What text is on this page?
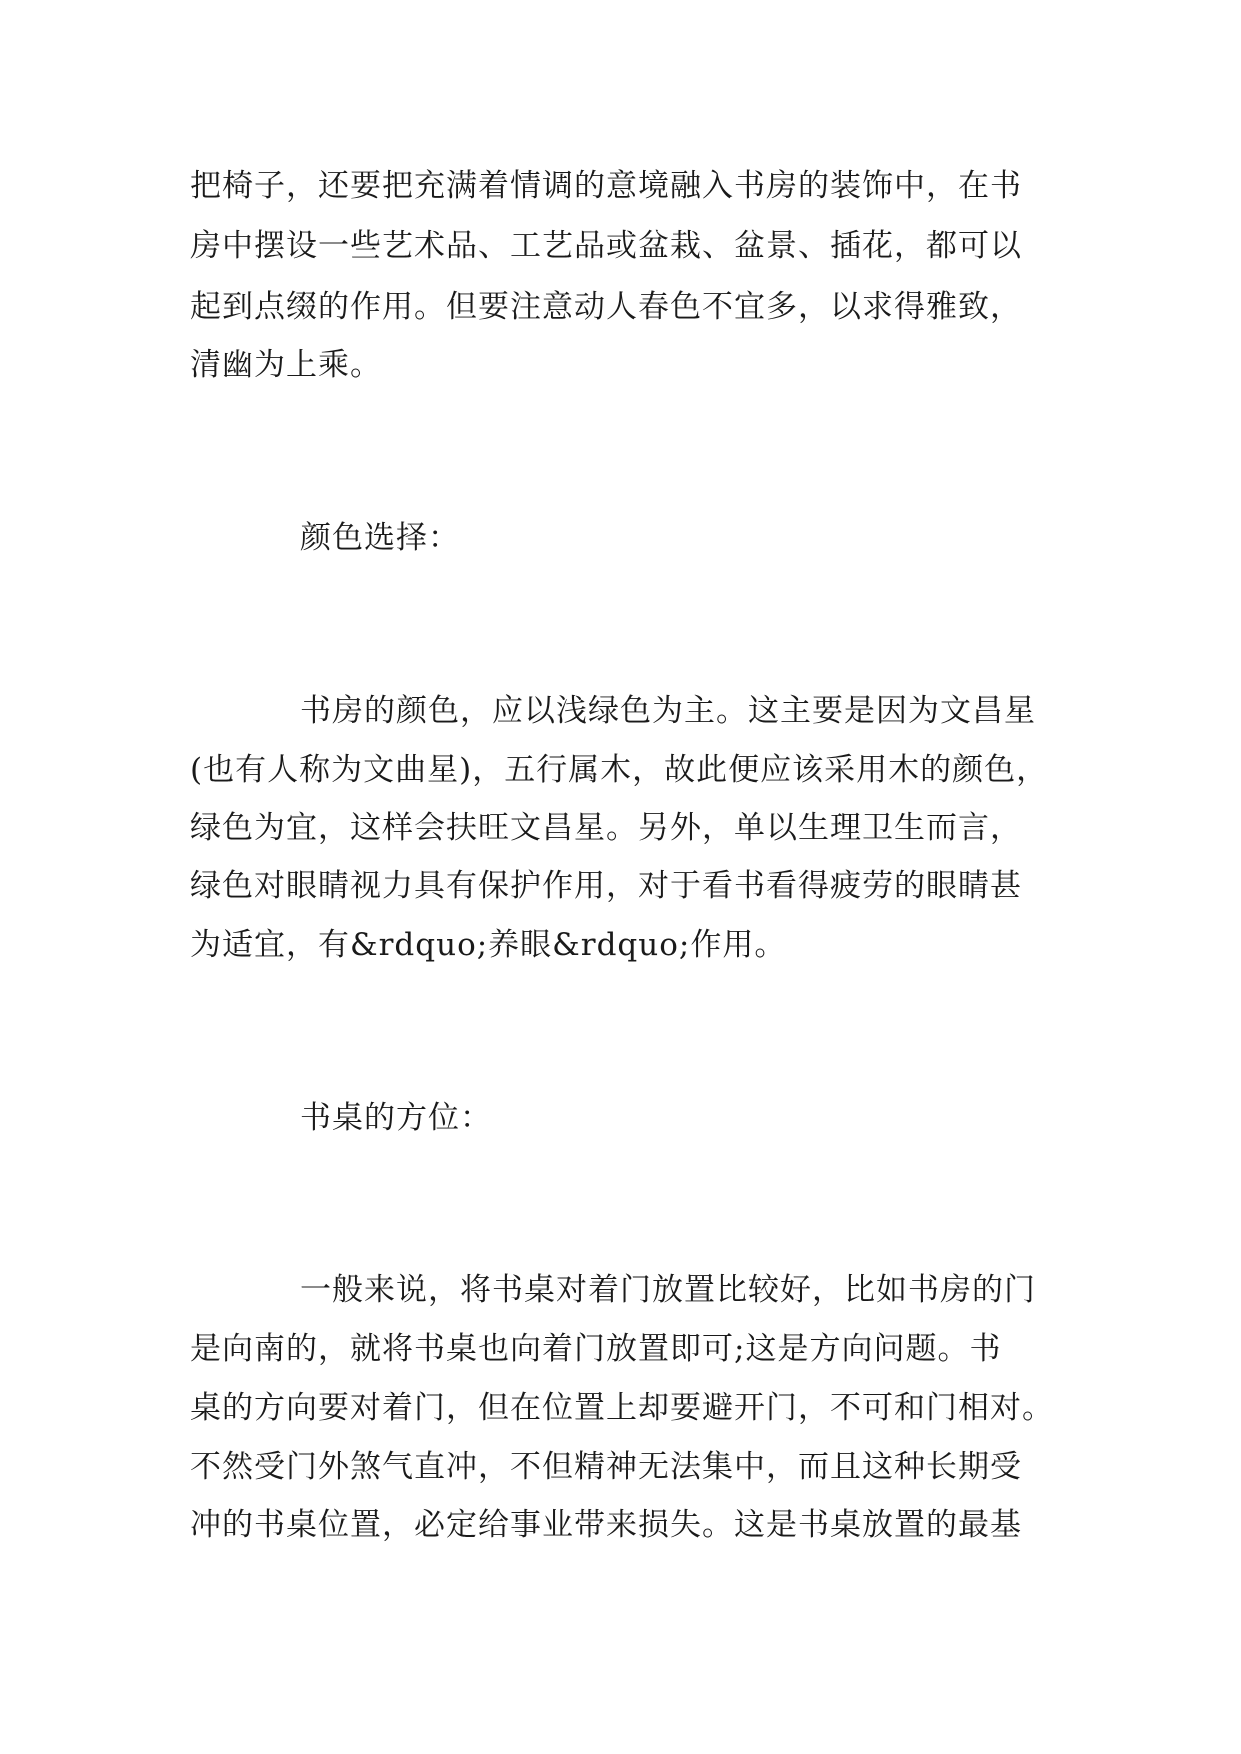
把椅子，还要把充满着情调的意境融入书房的装饰中，在书
房中摆设一些艺术品、工艺品或盆栽、盆景、插花，都可以
起到点缀的作用。但要注意动人春色不宜多，以求得雅致，
清幽为上乘。
颜色选择：
书房的颜色，应以浅绿色为主。这主要是因为文昌星
(也有人称为文曲星)，五行属木，故此便应该采用木的颜色，
绿色为宜，这样会扶旺文昌星。另外，单以生理卫生而言，
绿色对眼睛视力具有保护作用，对于看书看得疲劳的眼睛甚
为适宜，有&rdquo;养眼&rdquo;作用。
书桌的方位：
一般来说，将书桌对着门放置比较好，比如书房的门
是向南的，就将书桌也向着门放置即可;这是方向问题。书
桌的方向要对着门，但在位置上却要避开门，不可和门相对。
不然受门外煞气直冲，不但精神无法集中，而且这种长期受
冲的书桌位置，必定给事业带来损失。这是书桌放置的最基
